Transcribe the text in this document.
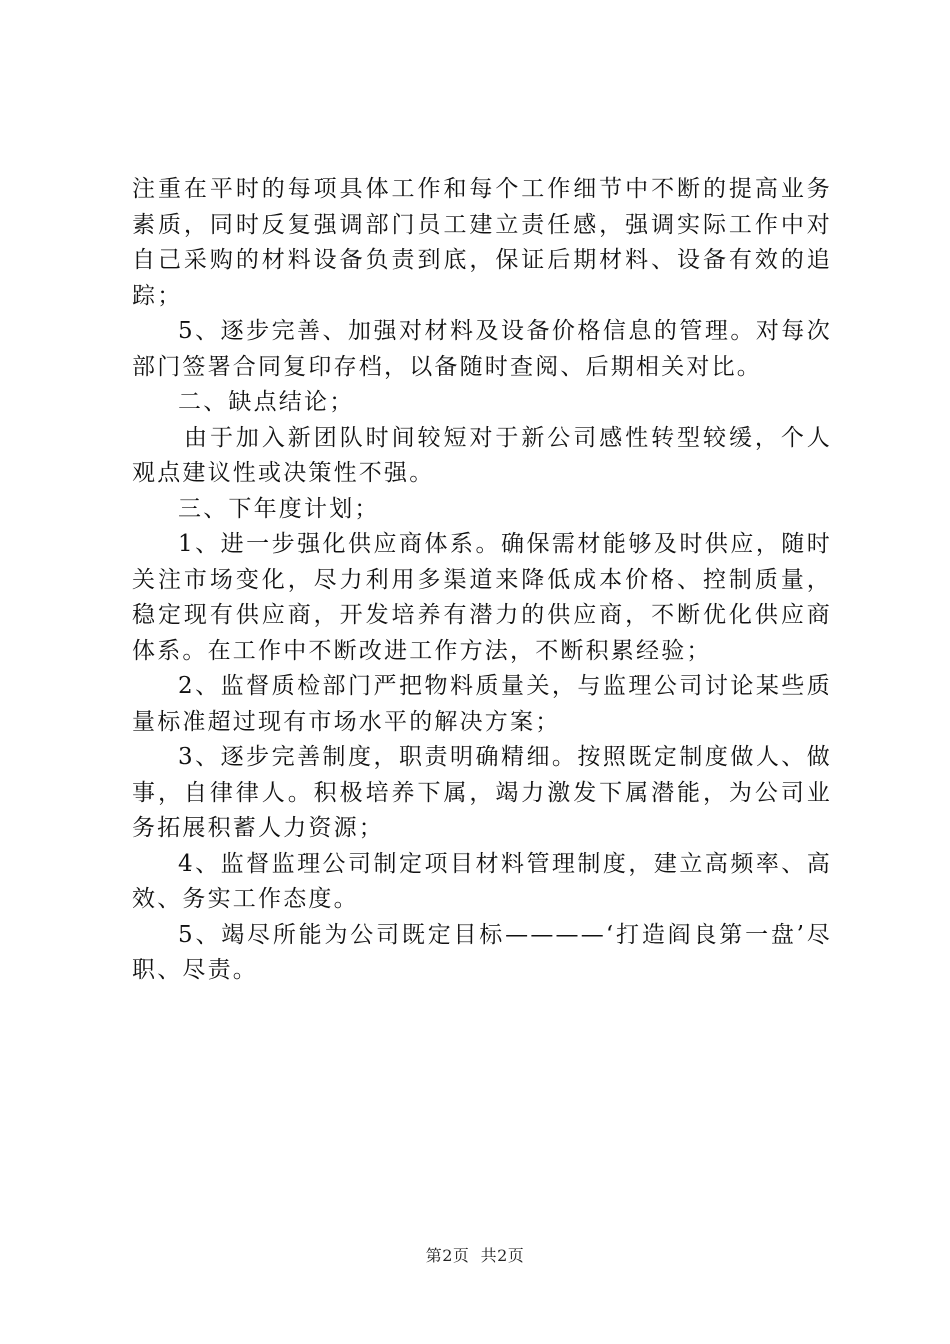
注重在平时的每项具体工作和每个工作细节中不断的提高业务素质，同时反复强调部门员工建立责任感，强调实际工作中对自己采购的材料设备负责到底，保证后期材料、设备有效的追踪；

5、逐步完善、加强对材料及设备价格信息的管理。对每次部门签署合同复印存档，以备随时查阅、后期相关对比。

二、缺点结论；

由于加入新团队时间较短对于新公司感性转型较缓，个人观点建议性或决策性不强。

三、下年度计划；

1、进一步强化供应商体系。确保需材能够及时供应，随时关注市场变化，尽力利用多渠道来降低成本价格、控制质量，稳定现有供应商，开发培养有潜力的供应商，不断优化供应商体系。在工作中不断改进工作方法，不断积累经验；

2、监督质检部门严把物料质量关，与监理公司讨论某些质量标准超过现有市场水平的解决方案；

3、逐步完善制度，职责明确精细。按照既定制度做人、做事，自律律人。积极培养下属，竭力激发下属潜能，为公司业务拓展积蓄人力资源；

4、监督监理公司制定项目材料管理制度，建立高频率、高效、务实工作态度。

5、竭尽所能为公司既定目标————‘打造阎良第一盘’尽职、尽责。

第2页  共2页
